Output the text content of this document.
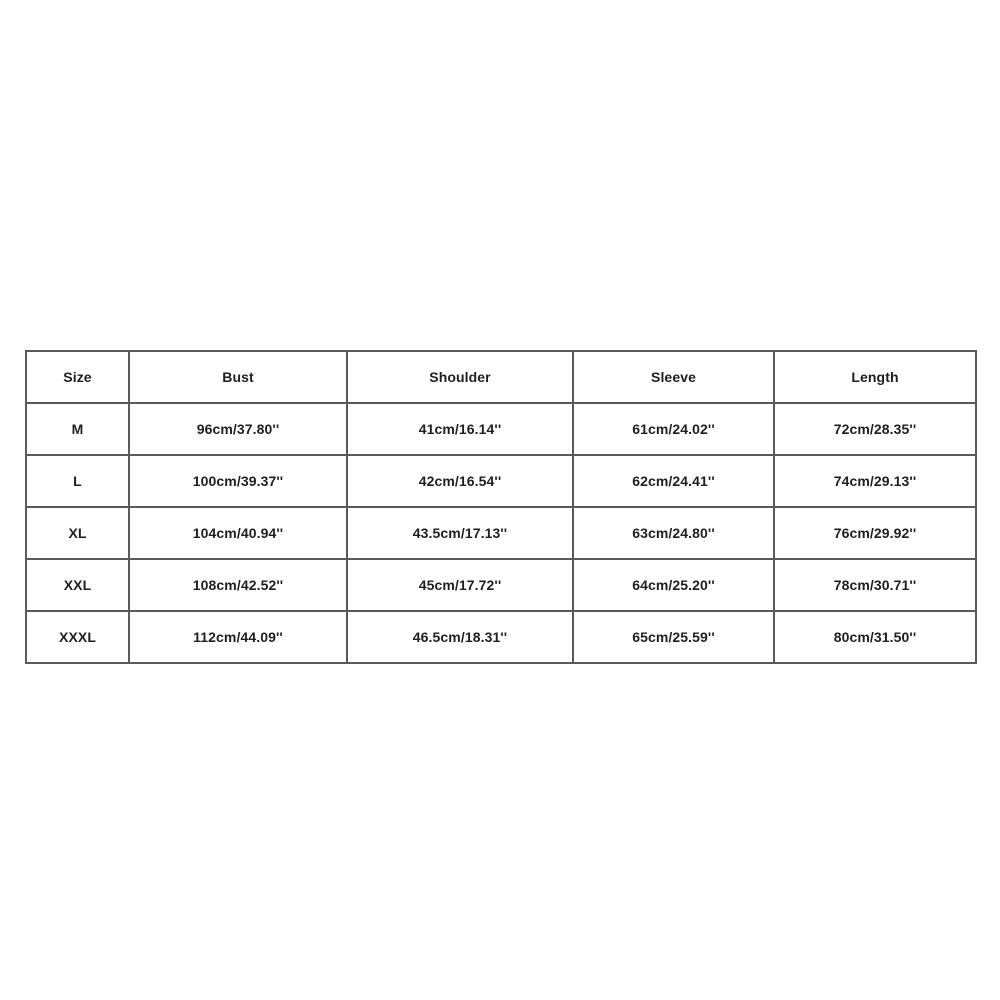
Size	Bust	Shoulder	Sleeve	Length
M	96cm/37.80''	41cm/16.14''	61cm/24.02''	72cm/28.35''
L	100cm/39.37''	42cm/16.54''	62cm/24.41''	74cm/29.13''
XL	104cm/40.94''	43.5cm/17.13''	63cm/24.80''	76cm/29.92''
XXL	108cm/42.52''	45cm/17.72''	64cm/25.20''	78cm/30.71''
XXXL	112cm/44.09''	46.5cm/18.31''	65cm/25.59''	80cm/31.50''
